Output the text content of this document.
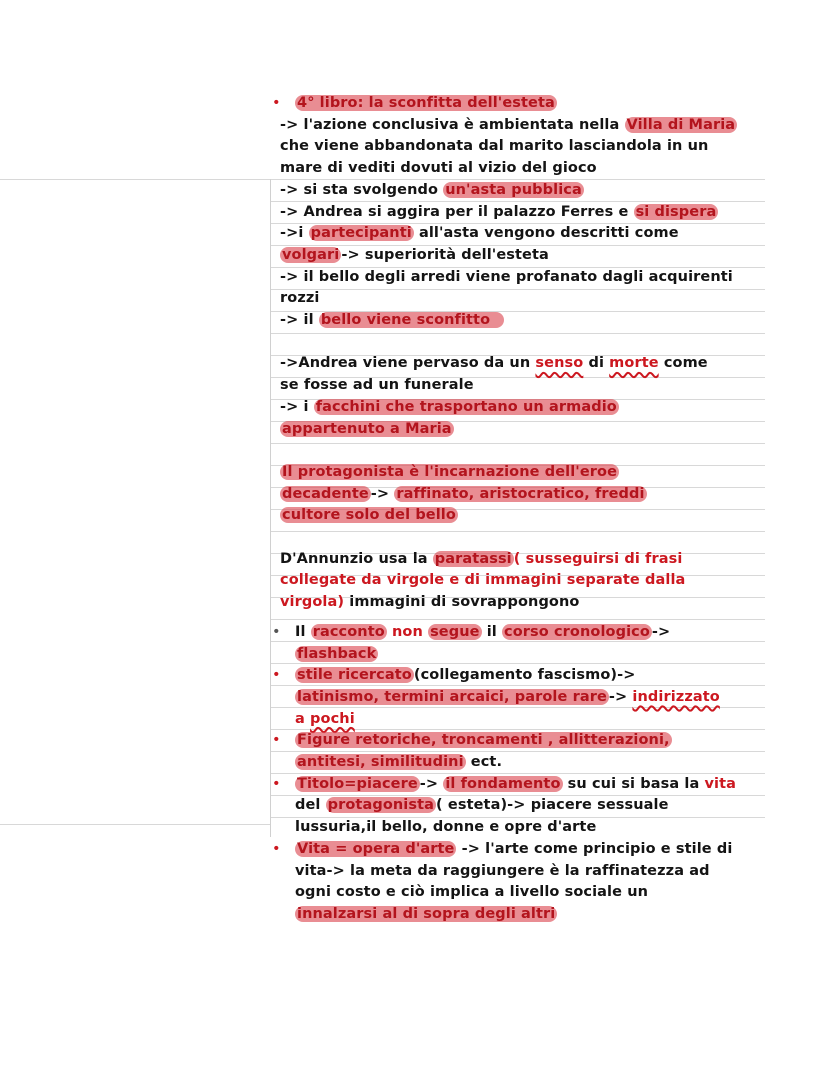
• 4° libro: la sconfitta dell'esteta

-> l'azione conclusiva è ambientata nella Villa di Maria

che viene abbandonata dal marito lasciandola in un

mare di vediti dovuti al vizio del gioco

-> si sta svolgendo un'asta pubblica

-> Andrea si aggira per il palazzo Ferres e si dispera

->i partecipanti all'asta vengono descritti come

volgari -> superiorità dell'esteta

-> il bello degli arredi viene profanato dagli acquirenti

rozzi

-> il bello viene sconfitto

->Andrea viene pervaso da un senso di morte come

se fosse ad un funerale

-> i facchini che trasportano un armadio

appartenuto a Maria

Il protagonista è l'incarnazione dell'eroe

decadente -> raffinato, aristocratico, freddi

cultore solo del bello

D'Annunzio usa la paratassi ( susseguirsi di frasi

collegate da virgole e di immagini separate dalla

virgola) immagini di sovrappongono

• Il racconto non segue il corso cronologico ->
flashback
• stile ricercato (collegamento fascismo)->
latinismo, termini arcaici, parole rare -> indirizzato
a pochi
• Figure retoriche, troncamenti , allitterazioni,
antitesi, similitudini ect.
• Titolo=piacere -> il fondamento su cui si basa la vita
del protagonista ( esteta)-> piacere sessuale
lussuria,il bello, donne e opre d'arte
• Vita = opera d'arte -> l'arte come principio e stile di
vita-> la meta da raggiungere è la raffinatezza ad
ogni costo e ciò implica a livello sociale un
innalzarsi al di sopra degli altri
